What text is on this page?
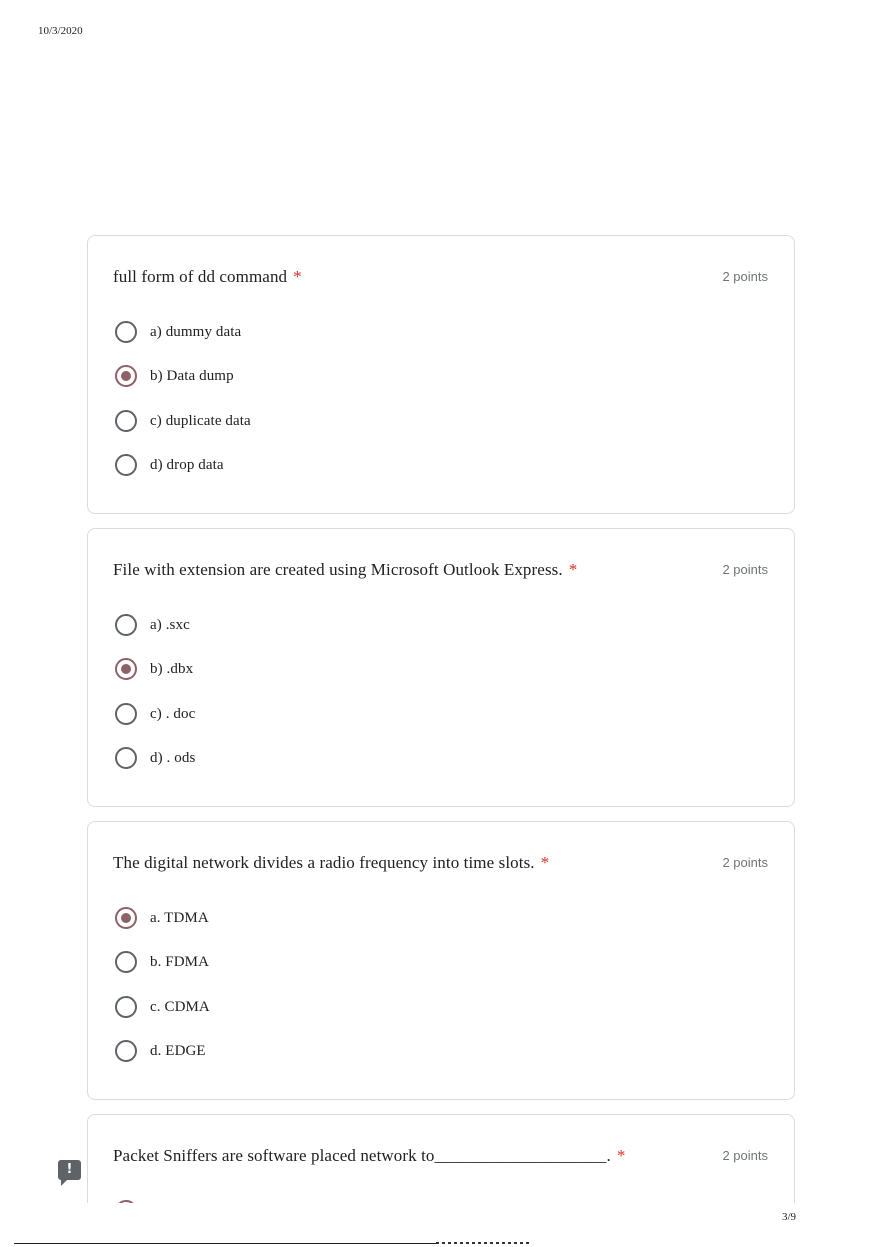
10/3/2020
full form of dd command *	2 points
a) dummy data
b) Data dump
c) duplicate data
d) drop data
File with extension are created using Microsoft Outlook Express. *	2 points
a) .sxc
b) .dbx
c) . doc
d) . ods
The digital network divides a radio frequency into time slots. *	2 points
a. TDMA
b. FDMA
c. CDMA
d. EDGE
Packet Sniffers are software placed network to____________________. *	2 points
!
3/9
